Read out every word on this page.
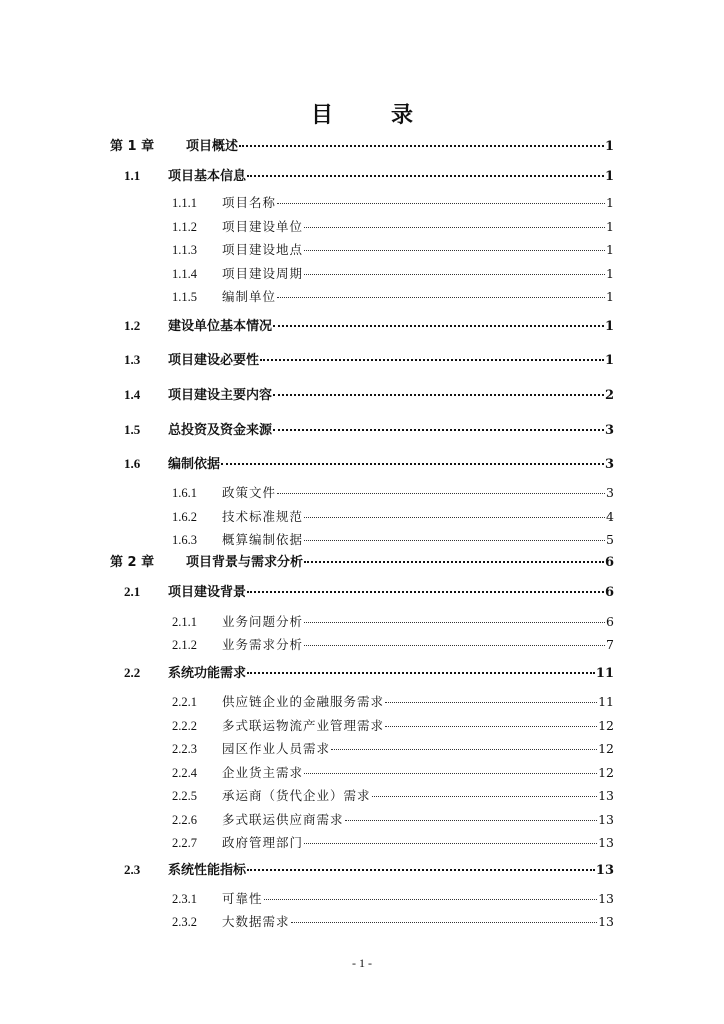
目　录
第 1 章	项目概述	1
1.1	项目基本信息	1
1.1.1	项目名称	1
1.1.2	项目建设单位	1
1.1.3	项目建设地点	1
1.1.4	项目建设周期	1
1.1.5	编制单位	1
1.2	建设单位基本情况	1
1.3	项目建设必要性	1
1.4	项目建设主要内容	2
1.5	总投资及资金来源	3
1.6	编制依据	3
1.6.1	政策文件	3
1.6.2	技术标准规范	4
1.6.3	概算编制依据	5
第 2 章	项目背景与需求分析	6
2.1	项目建设背景	6
2.1.1	业务问题分析	6
2.1.2	业务需求分析	7
2.2	系统功能需求	11
2.2.1	供应链企业的金融服务需求	11
2.2.2	多式联运物流产业管理需求	12
2.2.3	园区作业人员需求	12
2.2.4	企业货主需求	12
2.2.5	承运商（货代企业）需求	13
2.2.6	多式联运供应商需求	13
2.2.7	政府管理部门	13
2.3	系统性能指标	13
2.3.1	可靠性	13
2.3.2	大数据需求	13
- 1 -
